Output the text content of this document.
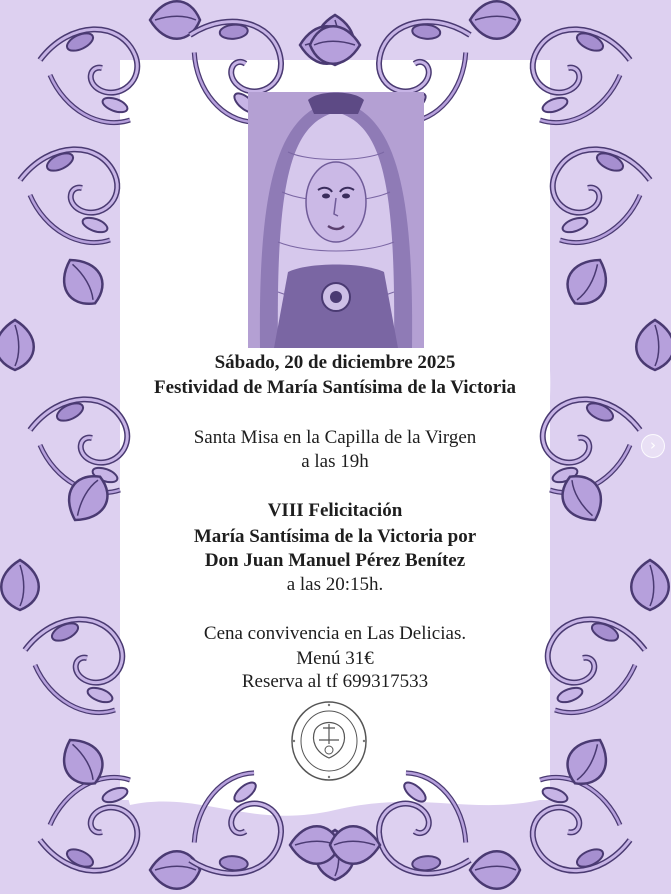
Sábado, 20 de diciembre 2025
Festividad de María Santísima de la Victoria
Santa Misa en la Capilla de la Virgen
a las 19h
VIII Felicitación
María Santísima de la Victoria por
Don Juan Manuel Pérez Benítez
a las 20:15h.
Cena convivencia en Las Delicias.
Menú 31€
Reserva al tf 699317533
›
